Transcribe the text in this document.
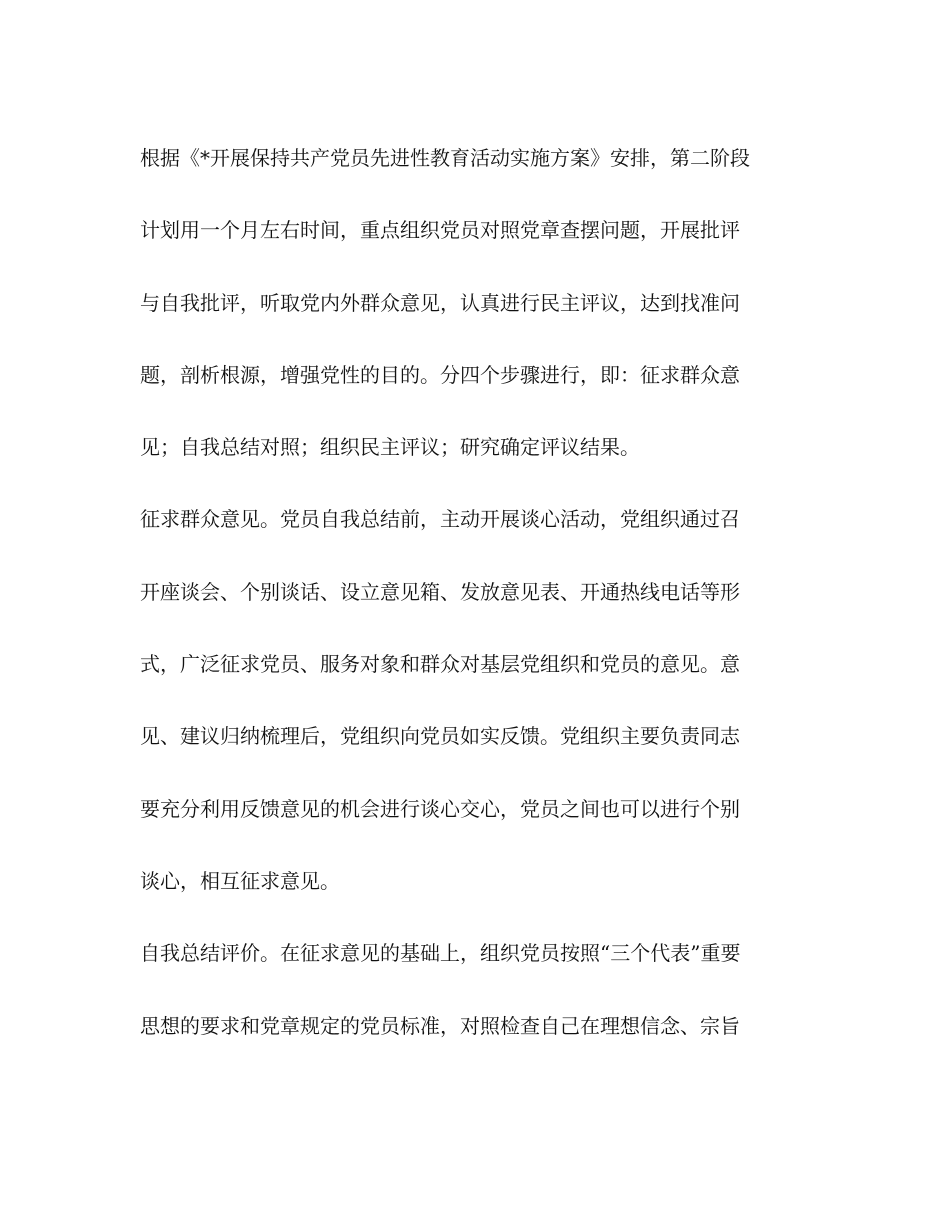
根据《*开展保持共产党员先进性教育活动实施方案》安排，第二阶段
计划用一个月左右时间，重点组织党员对照党章查摆问题，开展批评
与自我批评，听取党内外群众意见，认真进行民主评议，达到找准问
题，剖析根源，增强党性的目的。分四个步骤进行，即：征求群众意
见；自我总结对照；组织民主评议；研究确定评议结果。
征求群众意见。党员自我总结前，主动开展谈心活动，党组织通过召
开座谈会、个别谈话、设立意见箱、发放意见表、开通热线电话等形
式，广泛征求党员、服务对象和群众对基层党组织和党员的意见。意
见、建议归纳梳理后，党组织向党员如实反馈。党组织主要负责同志
要充分利用反馈意见的机会进行谈心交心，党员之间也可以进行个别
谈心，相互征求意见。
自我总结评价。在征求意见的基础上，组织党员按照“三个代表”重要
思想的要求和党章规定的党员标准，对照检查自己在理想信念、宗旨
